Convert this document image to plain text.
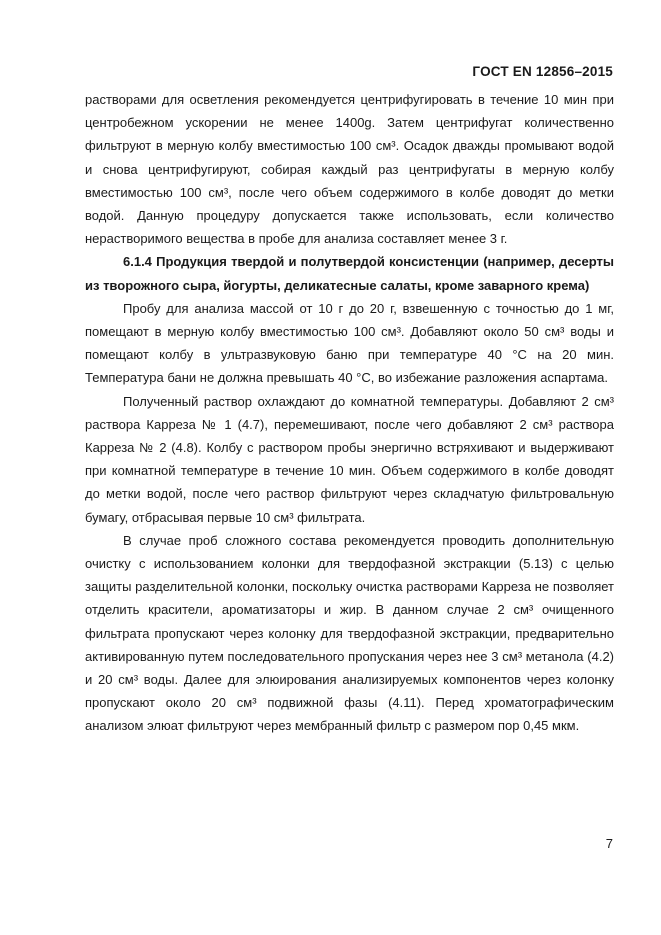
ГОСТ EN 12856–2015

растворами для осветления рекомендуется центрифугировать в течение 10 мин при центробежном ускорении не менее 1400g. Затем центрифугат количественно фильтруют в мерную колбу вместимостью 100 см³. Осадок дважды промывают водой и снова центрифугируют, собирая каждый раз центрифугаты в мерную колбу вместимостью 100 см³, после чего объем содержимого в колбе доводят до метки водой. Данную процедуру допускается также использовать, если количество нерастворимого вещества в пробе для анализа составляет менее 3 г.

6.1.4 Продукция твердой и полутвердой консистенции (например, десерты из творожного сыра, йогурты, деликатесные салаты, кроме заварного крема)

Пробу для анализа массой от 10 г до 20 г, взвешенную с точностью до 1 мг, помещают в мерную колбу вместимостью 100 см³. Добавляют около 50 см³ воды и помещают колбу в ультразвуковую баню при температуре 40 °С на 20 мин. Температура бани не должна превышать 40 °С, во избежание разложения аспартама.

Полученный раствор охлаждают до комнатной температуры. Добавляют 2 см³ раствора Карреза № 1 (4.7), перемешивают, после чего добавляют 2 см³ раствора Карреза № 2 (4.8). Колбу с раствором пробы энергично встряхивают и выдерживают при комнатной температуре в течение 10 мин. Объем содержимого в колбе доводят до метки водой, после чего раствор фильтруют через складчатую фильтровальную бумагу, отбрасывая первые 10 см³ фильтрата.

В случае проб сложного состава рекомендуется проводить дополнительную очистку с использованием колонки для твердофазной экстракции (5.13) с целью защиты разделительной колонки, поскольку очистка растворами Карреза не позволяет отделить красители, ароматизаторы и жир. В данном случае 2 см³ очищенного фильтрата пропускают через колонку для твердофазной экстракции, предварительно активированную путем последовательного пропускания через нее 3 см³ метанола (4.2) и 20 см³ воды. Далее для элюирования анализируемых компонентов через колонку пропускают около 20 см³ подвижной фазы (4.11). Перед хроматографическим анализом элюат фильтруют через мембранный фильтр с размером пор 0,45 мкм.

7
